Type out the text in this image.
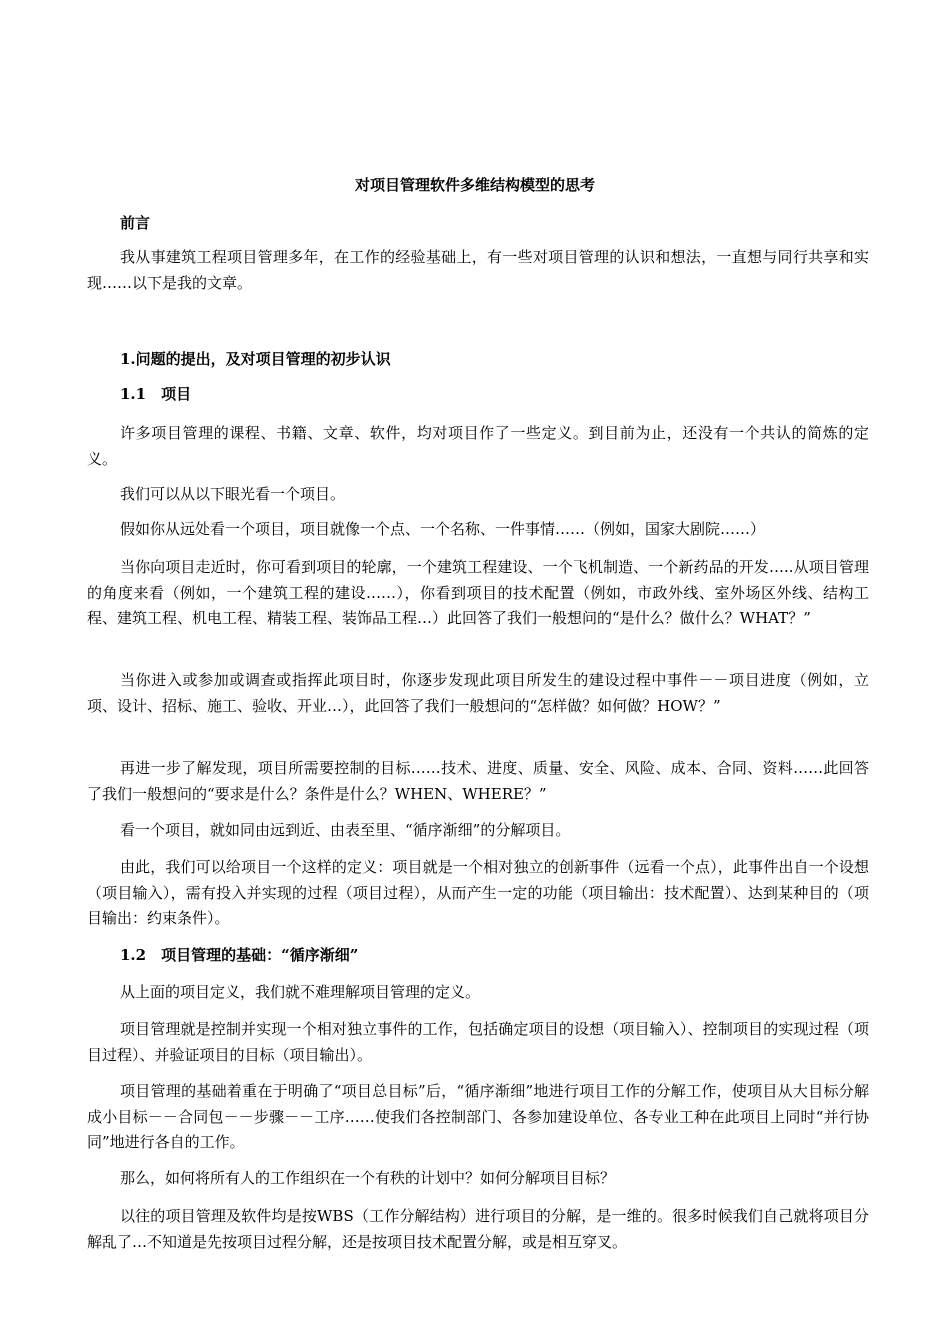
对项目管理软件多维结构模型的思考
前言
我从事建筑工程项目管理多年，在工作的经验基础上，有一些对项目管理的认识和想法，一直想与同行共享和实现……以下是我的文章。
1.问题的提出，及对项目管理的初步认识
1.1　项目
许多项目管理的课程、书籍、文章、软件，均对项目作了一些定义。到目前为止，还没有一个共认的简炼的定义。
我们可以从以下眼光看一个项目。
假如你从远处看一个项目，项目就像一个点、一个名称、一件事情……（例如，国家大剧院……）
当你向项目走近时，你可看到项目的轮廓，一个建筑工程建设、一个飞机制造、一个新药品的开发…..从项目管理的角度来看（例如，一个建筑工程的建设……），你看到项目的技术配置（例如，市政外线、室外场区外线、结构工程、建筑工程、机电工程、精装工程、装饰品工程…）此回答了我们一般想问的“是什么？做什么？WHAT？”
当你进入或参加或调查或指挥此项目时，你逐步发现此项目所发生的建设过程中事件－－项目进度（例如，立项、设计、招标、施工、验收、开业…），此回答了我们一般想问的“怎样做？如何做？HOW？”
再进一步了解发现，项目所需要控制的目标……技术、进度、质量、安全、风险、成本、合同、资料……此回答了我们一般想问的“要求是什么？条件是什么？WHEN、WHERE？”
看一个项目，就如同由远到近、由表至里、“循序渐细”的分解项目。
由此，我们可以给项目一个这样的定义：项目就是一个相对独立的创新事件（远看一个点），此事件出自一个设想（项目输入），需有投入并实现的过程（项目过程），从而产生一定的功能（项目输出：技术配置）、达到某种目的（项目输出：约束条件）。
1.2　项目管理的基础：“循序渐细”
从上面的项目定义，我们就不难理解项目管理的定义。
项目管理就是控制并实现一个相对独立事件的工作，包括确定项目的设想（项目输入）、控制项目的实现过程（项目过程）、并验证项目的目标（项目输出）。
项目管理的基础着重在于明确了“项目总目标”后，“循序渐细”地进行项目工作的分解工作，使项目从大目标分解成小目标－－合同包－－步骤－－工序……使我们各控制部门、各参加建设单位、各专业工种在此项目上同时“并行协同”地进行各自的工作。
那么，如何将所有人的工作组织在一个有秩的计划中？如何分解项目目标？
以往的项目管理及软件均是按WBS（工作分解结构）进行项目的分解，是一维的。很多时候我们自己就将项目分解乱了…不知道是先按项目过程分解，还是按项目技术配置分解，或是相互穿叉。
